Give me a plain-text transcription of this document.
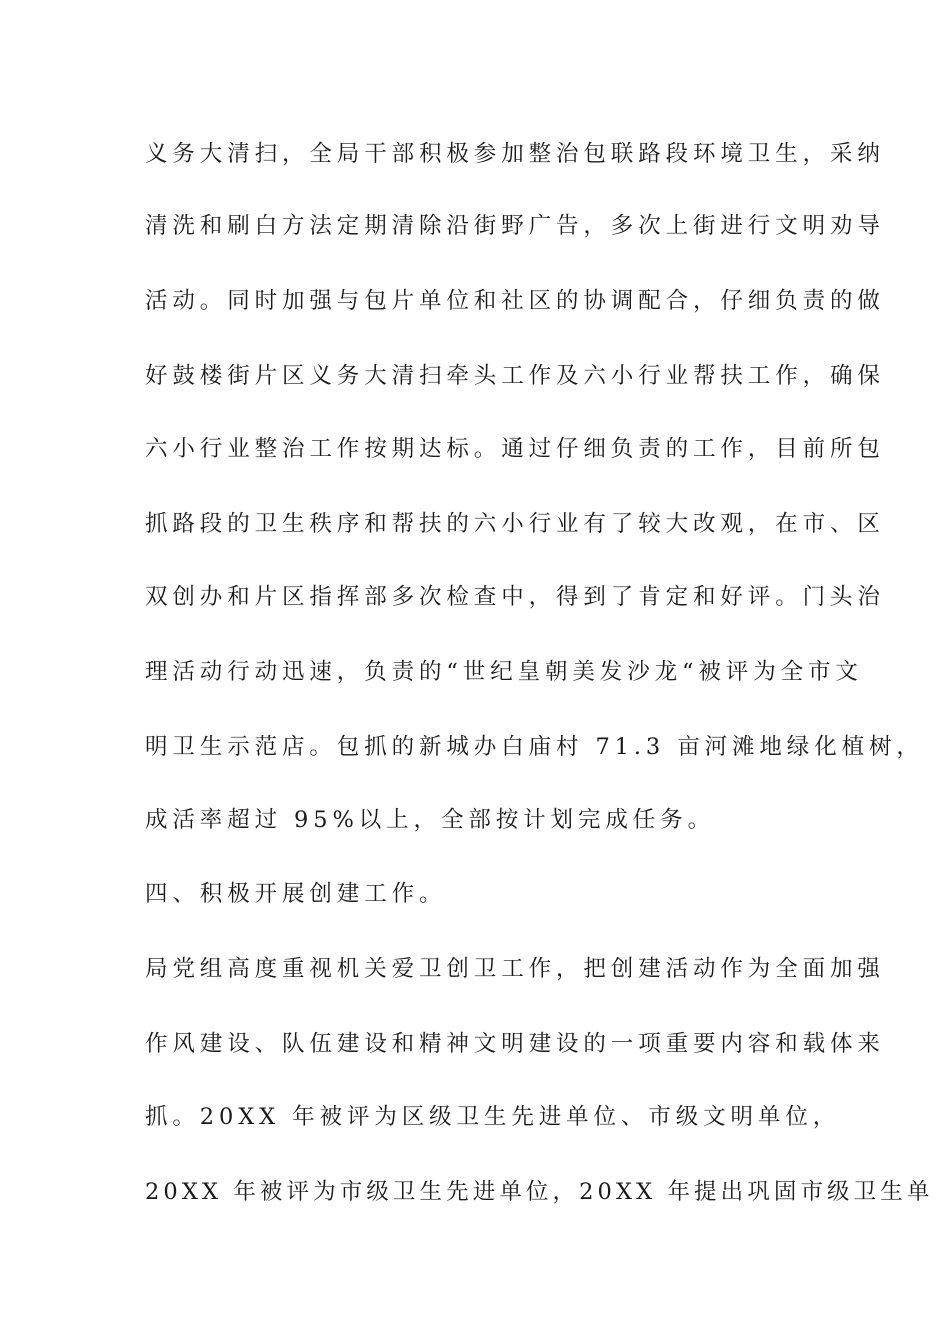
义务大清扫，全局干部积极参加整治包联路段环境卫生，采纳
清洗和刷白方法定期清除沿街野广告，多次上街进行文明劝导
活动。同时加强与包片单位和社区的协调配合，仔细负责的做
好鼓楼街片区义务大清扫牵头工作及六小行业帮扶工作，确保
六小行业整治工作按期达标。通过仔细负责的工作，目前所包
抓路段的卫生秩序和帮扶的六小行业有了较大改观，在市、区
双创办和片区指挥部多次检查中，得到了肯定和好评。门头治
理活动行动迅速，负责的“世纪皇朝美发沙龙“被评为全市文
明卫生示范店。包抓的新城办白庙村 71.3 亩河滩地绿化植树，
成活率超过 95%以上，全部按计划完成任务。
四、积极开展创建工作。
局党组高度重视机关爱卫创卫工作，把创建活动作为全面加强
作风建设、队伍建设和精神文明建设的一项重要内容和载体来
抓。20XX 年被评为区级卫生先进单位、市级文明单位，
20XX 年被评为市级卫生先进单位，20XX 年提出巩固市级卫生单
